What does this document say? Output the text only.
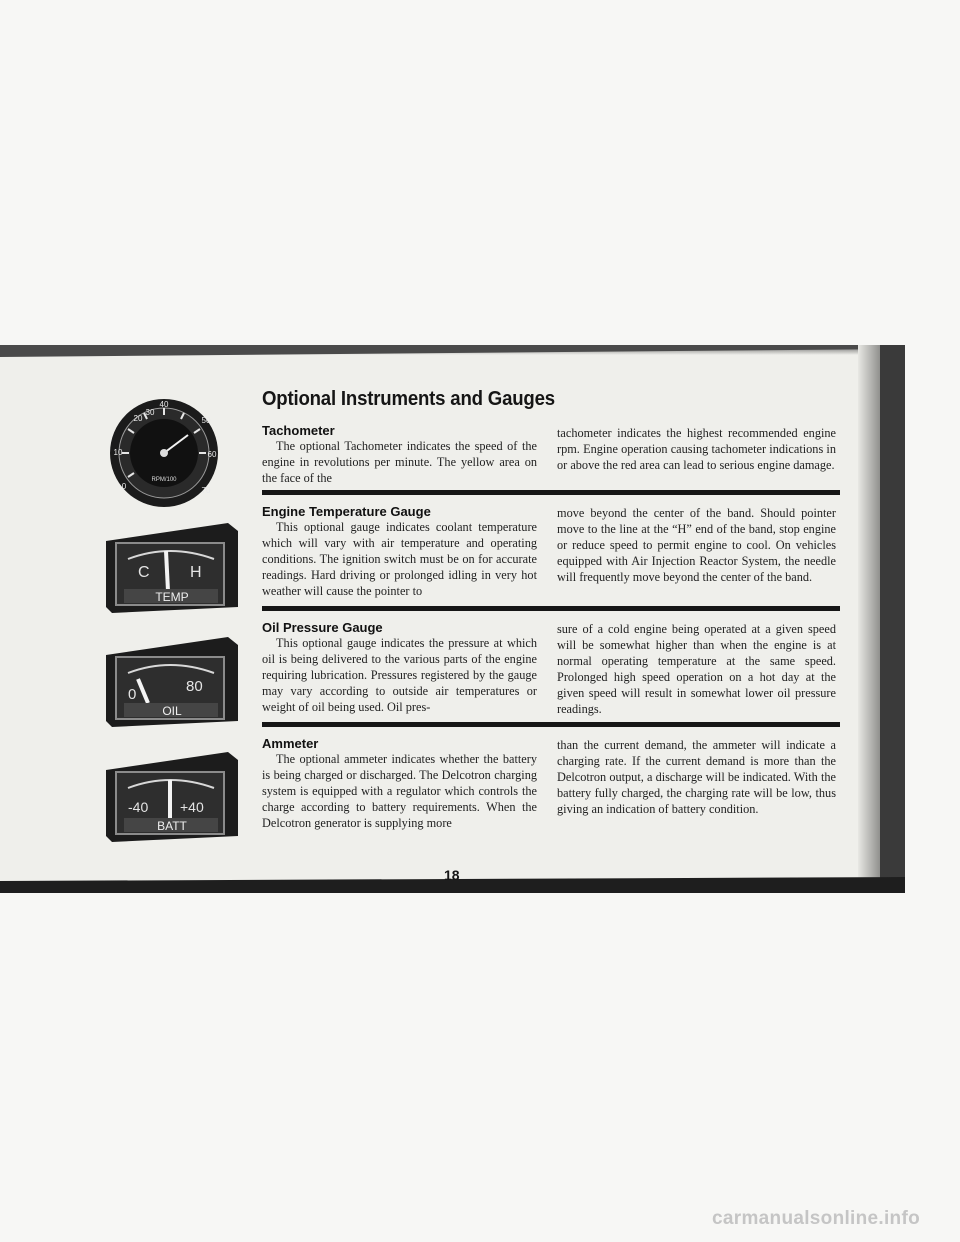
20
40
50
60
70
0
10
30
RPM/100
C	H
TEMP
0	80
OIL
-40 +40
BATT
Optional Instruments and Gauges
Tachometer

The optional Tachometer indicates the speed of the engine in revolutions per minute. The yellow area on the face of the

tachometer indicates the highest recommended engine rpm. Engine operation causing tachometer indications in or above the red area can lead to serious engine damage.

Engine Temperature Gauge

This optional gauge indicates coolant temperature which will vary with air temperature and operating conditions. The ignition switch must be on for accurate readings. Hard driving or prolonged idling in very hot weather will cause the pointer to

move beyond the center of the band. Should pointer move to the line at the “H” end of the band, stop engine or reduce speed to permit engine to cool. On vehicles equipped with Air Injection Reactor System, the needle will frequently move beyond the center of the band.

Oil Pressure Gauge

This optional gauge indicates the pressure at which oil is being delivered to the various parts of the engine requiring lubrication. Pressures registered by the gauge may vary according to outside air temperatures or weight of oil being used. Oil pres-

sure of a cold engine being operated at a given speed will be somewhat higher than when the engine is at normal operating temperature at the same speed. Prolonged high speed operation on a hot day at the given speed will result in somewhat lower oil pressure readings.

Ammeter

The optional ammeter indicates whether the battery is being charged or discharged. The Delcotron charging system is equipped with a regulator which controls the charge according to battery requirements. When the Delcotron generator is supplying more

than the current demand, the ammeter will indicate a charging rate. If the current demand is more than the Delcotron output, a discharge will be indicated. With the battery fully charged, the charging rate will be low, thus giving an indication of battery condition.

18
carmanualsonline.info
